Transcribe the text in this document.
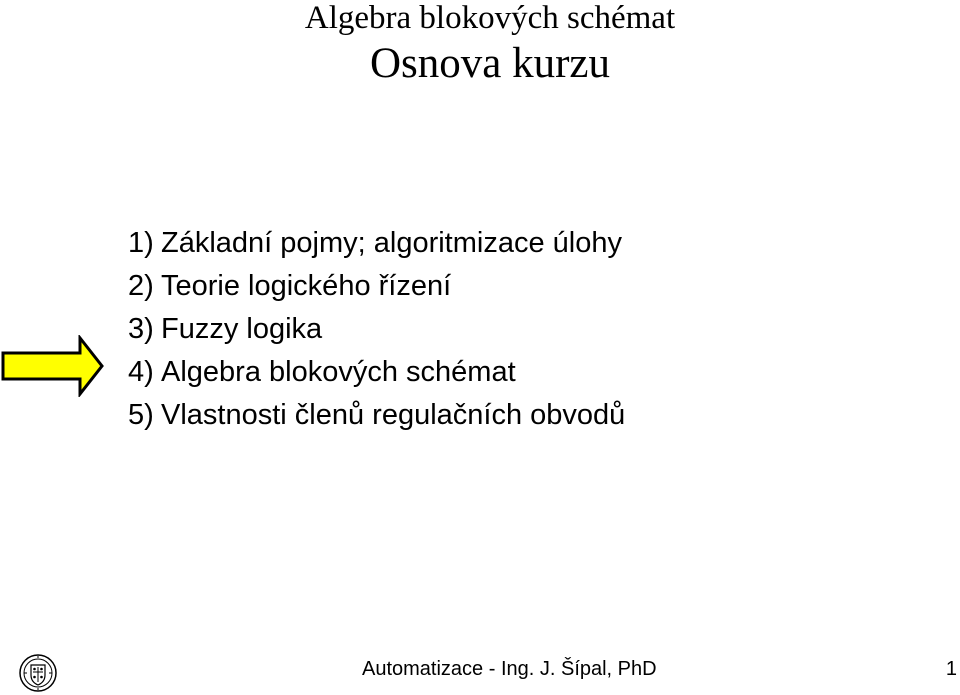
Algebra blokových schémat
Osnova kurzu
1) Základní pojmy; algoritmizace úlohy
2) Teorie logického řízení
3) Fuzzy logika
4) Algebra blokových schémat
5) Vlastnosti členů regulačních obvodů
Automatizace - Ing. J. Šípal, PhD	1
